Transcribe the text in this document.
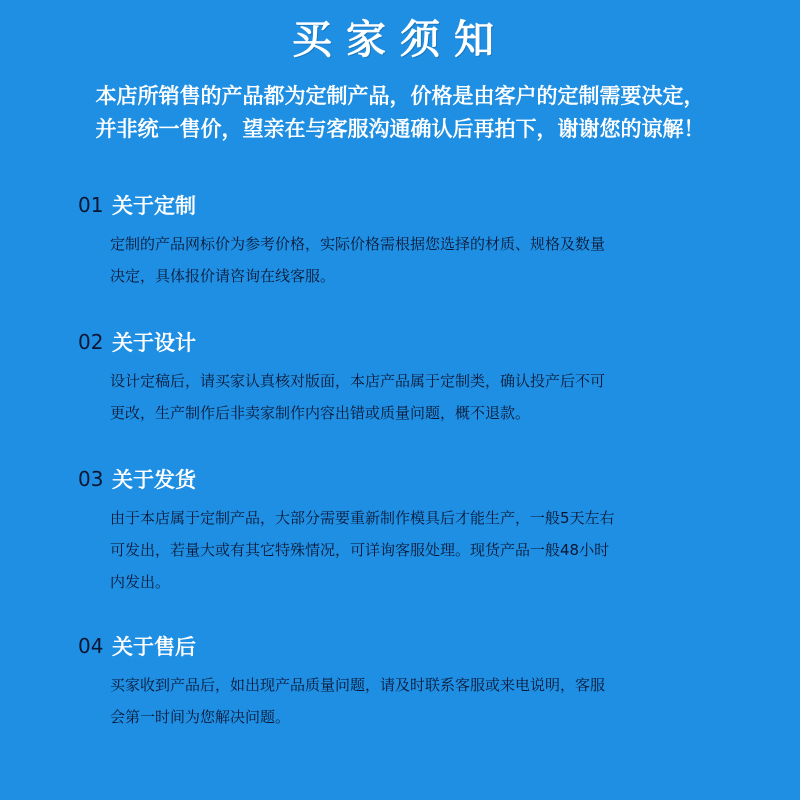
买家须知
本店所销售的产品都为定制产品，价格是由客户的定制需要决定，
并非统一售价，望亲在与客服沟通确认后再拍下，谢谢您的谅解！
01 关于定制
定制的产品网标价为参考价格，实际价格需根据您选择的材质、规格及数量
决定，具体报价请咨询在线客服。
02 关于设计
设计定稿后，请买家认真核对版面，本店产品属于定制类，确认投产后不可
更改，生产制作后非卖家制作内容出错或质量问题，概不退款。
03 关于发货
由于本店属于定制产品，大部分需要重新制作模具后才能生产，一般5天左右
可发出，若量大或有其它特殊情况，可详询客服处理。现货产品一般48小时
内发出。
04 关于售后
买家收到产品后，如出现产品质量问题，请及时联系客服或来电说明，客服
会第一时间为您解决问题。
